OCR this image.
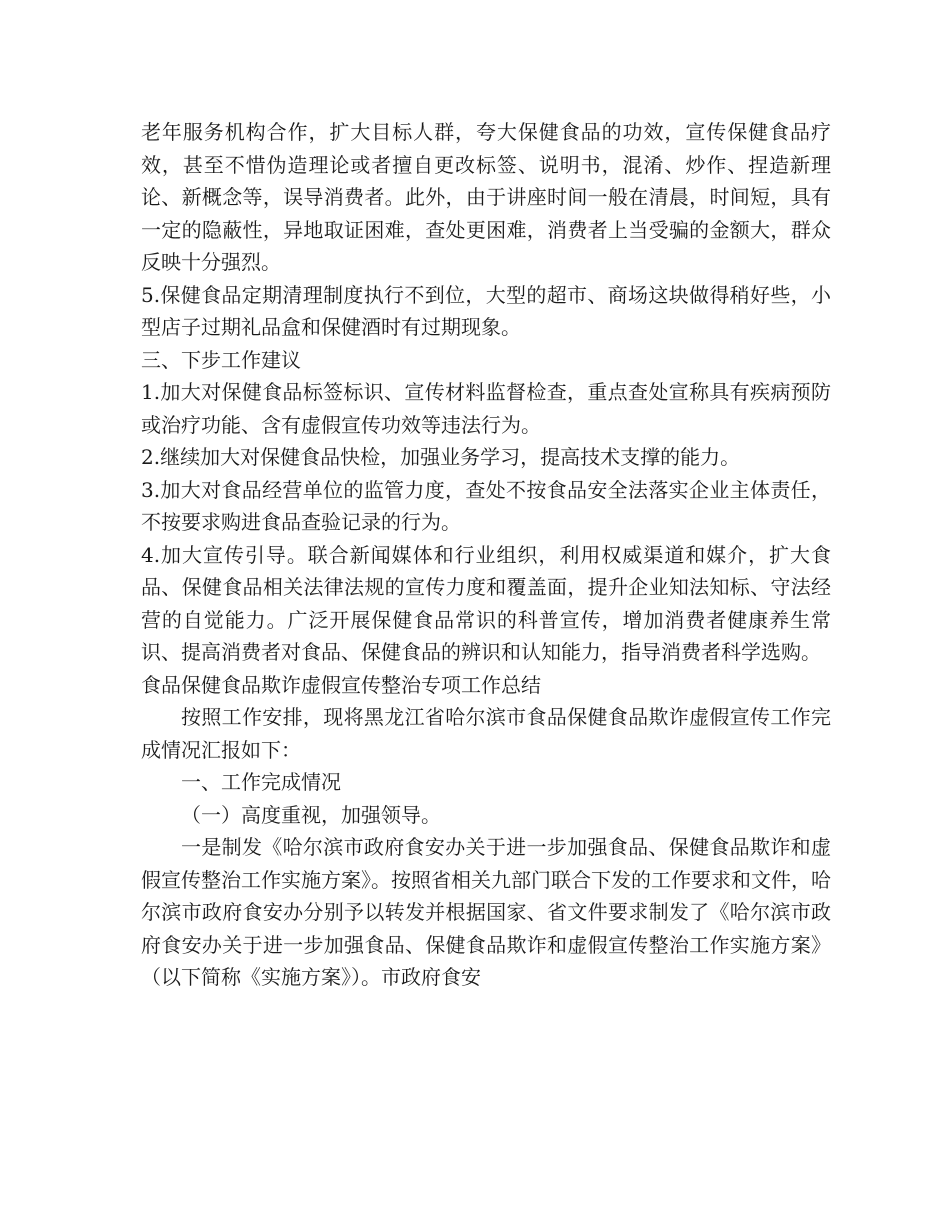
老年服务机构合作，扩大目标人群，夸大保健食品的功效，宣传保健食品疗效，甚至不惜伪造理论或者擅自更改标签、说明书，混淆、炒作、捏造新理论、新概念等，误导消费者。此外，由于讲座时间一般在清晨，时间短，具有一定的隐蔽性，异地取证困难，查处更困难，消费者上当受骗的金额大，群众反映十分强烈。

5.保健食品定期清理制度执行不到位，大型的超市、商场这块做得稍好些，小型店子过期礼品盒和保健酒时有过期现象。

三、下步工作建议

1.加大对保健食品标签标识、宣传材料监督检查，重点查处宣称具有疾病预防或治疗功能、含有虚假宣传功效等违法行为。

2.继续加大对保健食品快检，加强业务学习，提高技术支撑的能力。

3.加大对食品经营单位的监管力度，查处不按食品安全法落实企业主体责任，不按要求购进食品查验记录的行为。

4.加大宣传引导。联合新闻媒体和行业组织，利用权威渠道和媒介，扩大食品、保健食品相关法律法规的宣传力度和覆盖面，提升企业知法知标、守法经营的自觉能力。广泛开展保健食品常识的科普宣传，增加消费者健康养生常识、提高消费者对食品、保健食品的辨识和认知能力，指导消费者科学选购。

食品保健食品欺诈虚假宣传整治专项工作总结

按照工作安排，现将黑龙江省哈尔滨市食品保健食品欺诈虚假宣传工作完成情况汇报如下：

一、工作完成情况

（一）高度重视，加强领导。

一是制发《哈尔滨市政府食安办关于进一步加强食品、保健食品欺诈和虚假宣传整治工作实施方案》。按照省相关九部门联合下发的工作要求和文件，哈尔滨市政府食安办分别予以转发并根据国家、省文件要求制发了《哈尔滨市政府食安办关于进一步加强食品、保健食品欺诈和虚假宣传整治工作实施方案》（以下简称《实施方案》）。市政府食安
